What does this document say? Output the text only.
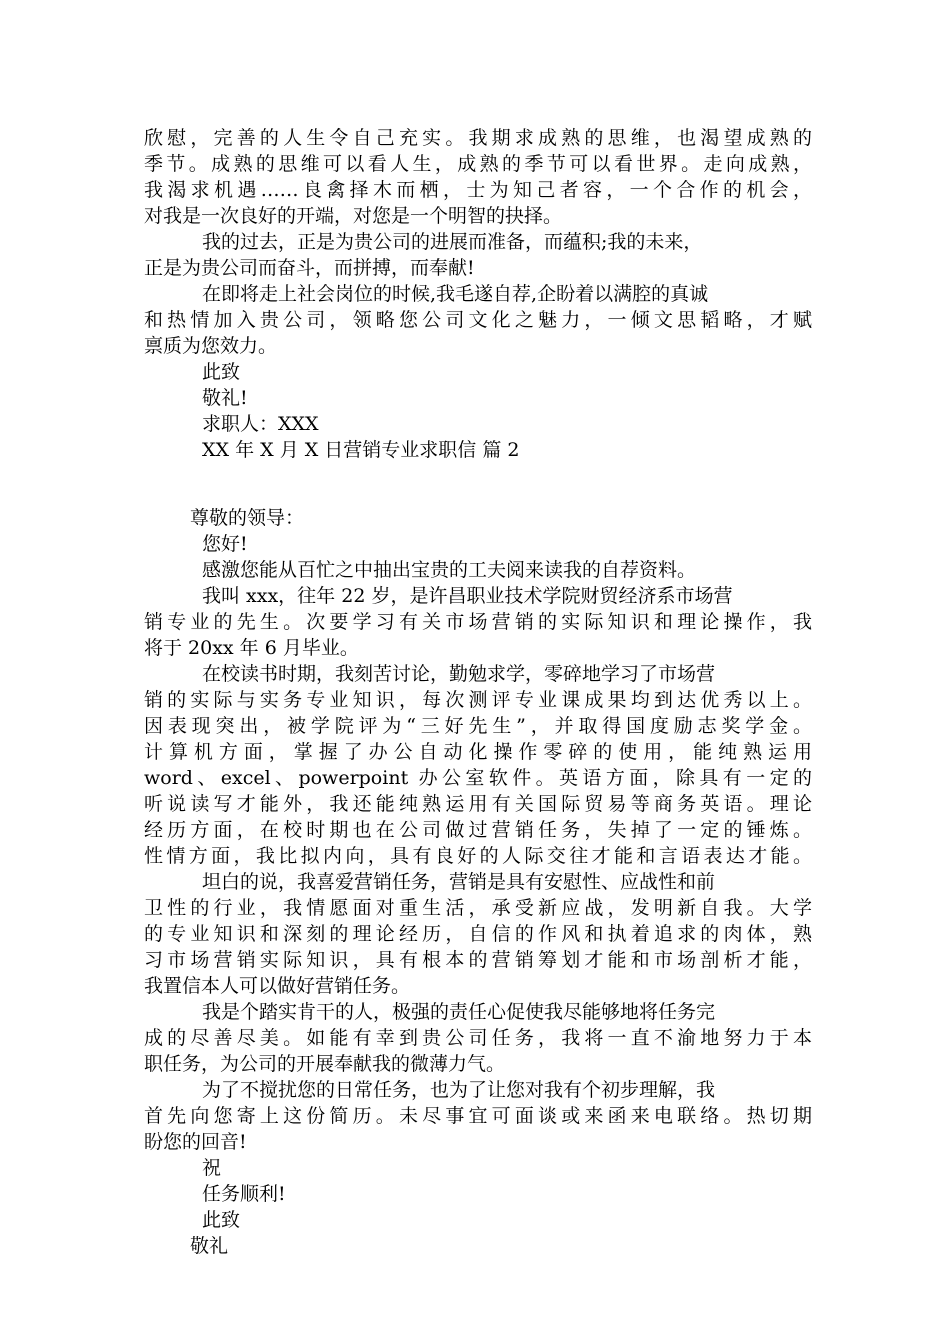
欣慰，完善的人生令自己充实。我期求成熟的思维，也渴望成熟的
季节。成熟的思维可以看人生，成熟的季节可以看世界。走向成熟，
我渴求机遇……良禽择木而栖，士为知己者容，一个合作的机会，
对我是一次良好的开端，对您是一个明智的抉择。
我的过去，正是为贵公司的进展而准备，而蕴积;我的未来，
正是为贵公司而奋斗，而拼搏，而奉献!
在即将走上社会岗位的时候,我毛遂自荐,企盼着以满腔的真诚
和热情加入贵公司，领略您公司文化之魅力，一倾文思韬略，才赋
禀质为您效力。
此致
敬礼!
求职人：XXX
XX 年 X 月 X 日营销专业求职信 篇 2
尊敬的领导：
您好!
感激您能从百忙之中抽出宝贵的工夫阅来读我的自荐资料。
我叫 xxx，往年 22 岁，是许昌职业技术学院财贸经济系市场营
销专业的先生。次要学习有关市场营销的实际知识和理论操作，我
将于 20xx 年 6 月毕业。
在校读书时期，我刻苦讨论，勤勉求学，零碎地学习了市场营
销的实际与实务专业知识，每次测评专业课成果均到达优秀以上。
因表现突出，被学院评为“三好先生”，并取得国度励志奖学金。
计算机方面，掌握了办公自动化操作零碎的使用，能纯熟运用
word、excel、powerpoint 办公室软件。英语方面，除具有一定的
听说读写才能外，我还能纯熟运用有关国际贸易等商务英语。理论
经历方面，在校时期也在公司做过营销任务，失掉了一定的锤炼。
性情方面，我比拟内向，具有良好的人际交往才能和言语表达才能。
坦白的说，我喜爱营销任务，营销是具有安慰性、应战性和前
卫性的行业，我情愿面对重生活，承受新应战，发明新自我。大学
的专业知识和深刻的理论经历，自信的作风和执着追求的肉体，熟
习市场营销实际知识，具有根本的营销筹划才能和市场剖析才能，
我置信本人可以做好营销任务。
我是个踏实肯干的人，极强的责任心促使我尽能够地将任务完
成的尽善尽美。如能有幸到贵公司任务，我将一直不渝地努力于本
职任务，为公司的开展奉献我的微薄力气。
为了不搅扰您的日常任务，也为了让您对我有个初步理解，我
首先向您寄上这份简历。未尽事宜可面谈或来函来电联络。热切期
盼您的回音!
祝
任务顺利!
此致
敬礼
